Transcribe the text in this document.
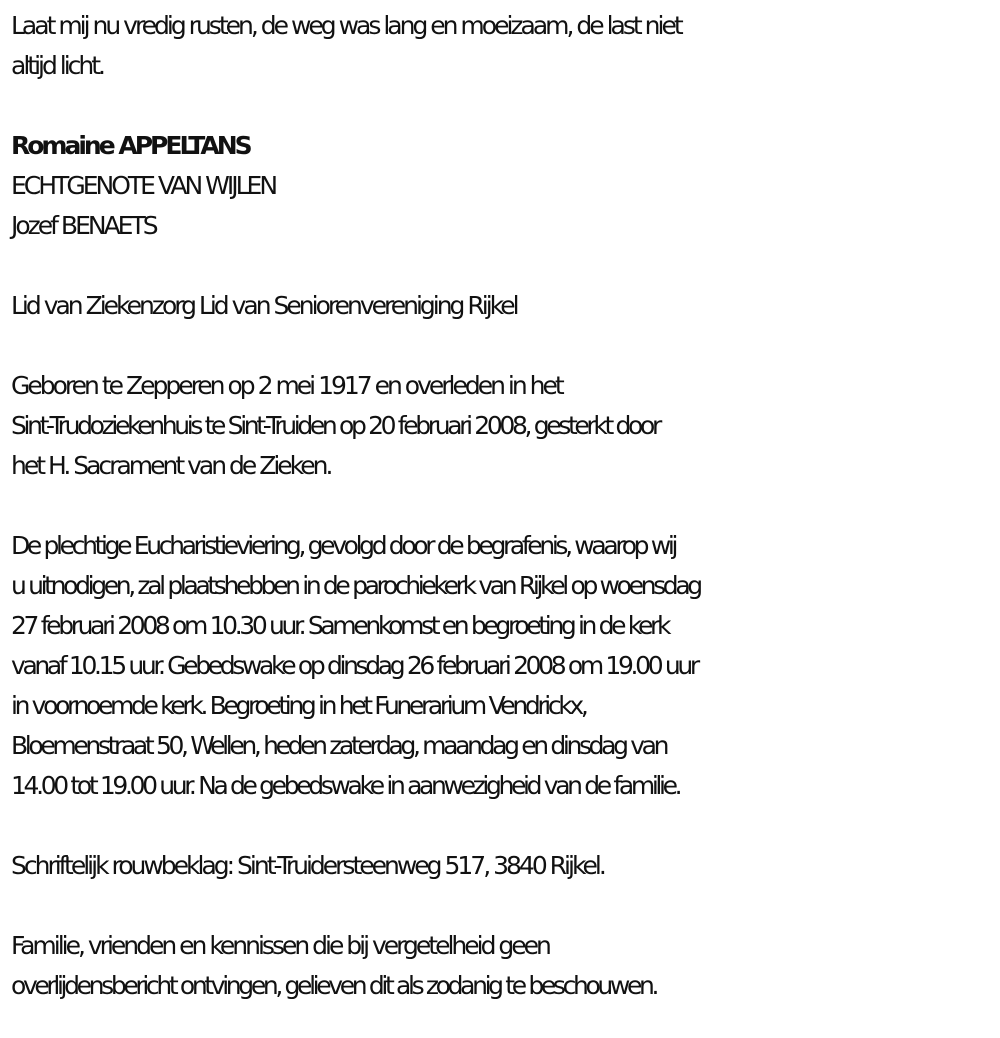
Laat mij nu vredig rusten, de weg was lang en moeizaam, de last niet
altijd licht.

Romaine APPELTANS
ECHTGENOTE VAN WIJLEN
Jozef BENAETS

Lid van Ziekenzorg Lid van Seniorenvereniging Rijkel

Geboren te Zepperen op 2 mei 1917 en overleden in het
Sint-Trudoziekenhuis te Sint-Truiden op 20 februari 2008, gesterkt door
het H. Sacrament van de Zieken.

De plechtige Eucharistieviering, gevolgd door de begrafenis, waarop wij
u uitnodigen, zal plaatshebben in de parochiekerk van Rijkel op woensdag
27 februari 2008 om 10.30 uur. Samenkomst en begroeting in de kerk
vanaf 10.15 uur. Gebedswake op dinsdag 26 februari 2008 om 19.00 uur
in voornoemde kerk. Begroeting in het Funerarium Vendrickx,
Bloemenstraat 50, Wellen, heden zaterdag, maandag en dinsdag van
14.00 tot 19.00 uur. Na de gebedswake in aanwezigheid van de familie.

Schriftelijk rouwbeklag: Sint-Truidersteenweg 517, 3840 Rijkel.

Familie, vrienden en kennissen die bij vergetelheid geen
overlijdensbericht ontvingen, gelieven dit als zodanig te beschouwen.
